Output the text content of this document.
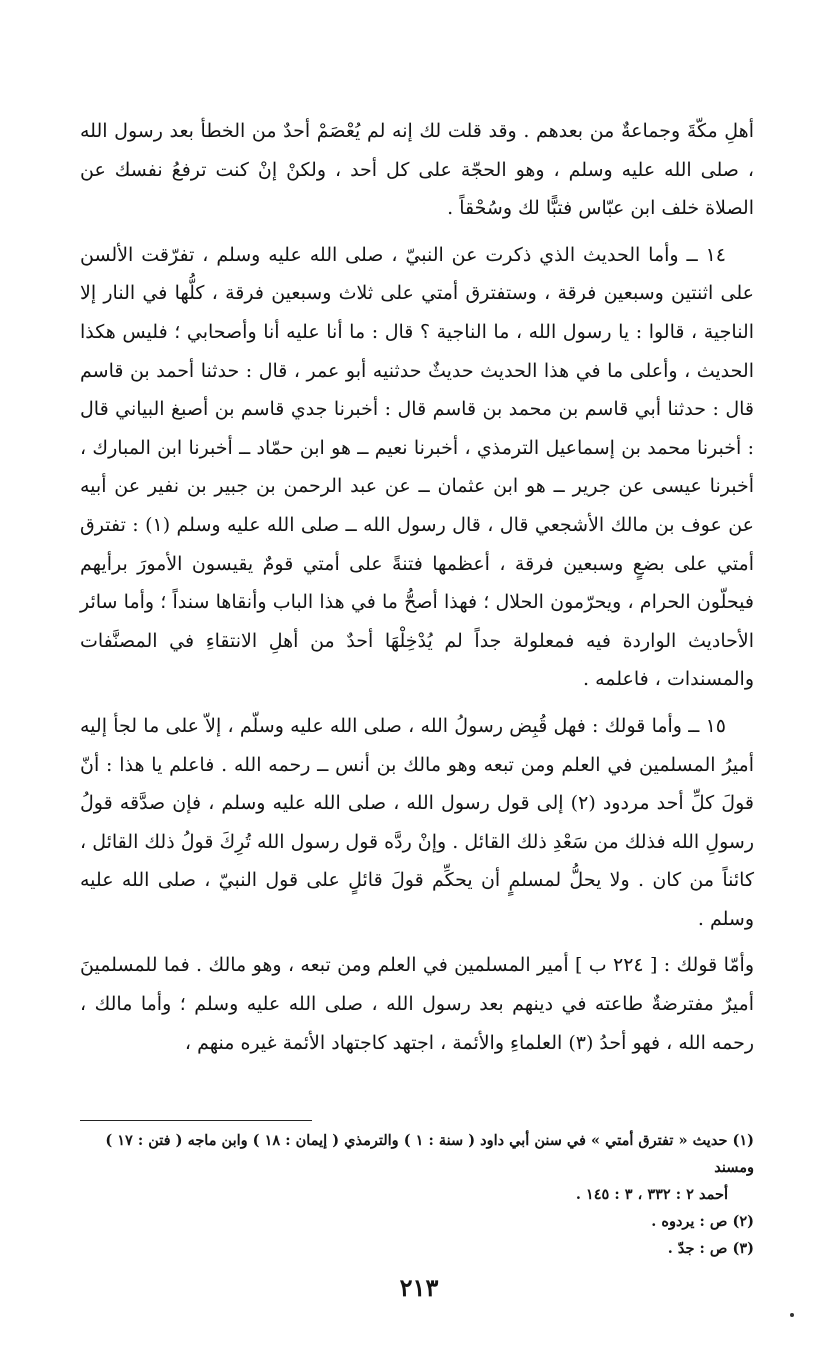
أهلِ مكّةَ وجماعةٌ من بعدهم . وقد قلت لك إنه لم يُعْصَمْ أحدٌ من الخطأ بعد رسول الله ، صلى الله عليه وسلم ، وهو الحجّة على كل أحد ، ولكنْ إنْ كنت ترفعُ نفسك عن الصلاة خلف ابن عبّاس فتبًّا لك وسُحْقاً .

١٤ ــ وأما الحديث الذي ذكرت عن النبيّ ، صلى الله عليه وسلم ، تفرّقت الألسن على اثنتين وسبعين فرقة ، وستفترق أمتي على ثلاث وسبعين فرقة ، كلُّها في النار إلا الناجية ، قالوا : يا رسول الله ، ما الناجية ؟ قال : ما أنا عليه أنا وأصحابي ؛ فليس هكذا الحديث ، وأعلى ما في هذا الحديث حديثٌ حدثنيه أبو عمر ، قال : حدثنا أحمد بن قاسم قال : حدثنا أبي قاسم بن محمد بن قاسم قال : أخبرنا جدي قاسم بن أصبغ البياني قال : أخبرنا محمد بن إسماعيل الترمذي ، أخبرنا نعيم ــ هو ابن حمّاد ــ أخبرنا ابن المبارك ، أخبرنا عيسى عن جرير ــ هو ابن عثمان ــ عن عبد الرحمن بن جبير بن نفير عن أبيه عن عوف بن مالك الأشجعي قال ، قال رسول الله ــ صلى الله عليه وسلم (١) : تفترق أمتي على بضعٍ وسبعين فرقة ، أعظمها فتنةً على أمتي قومٌ يقيسون الأمورَ برأيهم فيحلّون الحرام ، ويحرّمون الحلال ؛ فهذا أصحُّ ما في هذا الباب وأنقاها سنداً ؛ وأما سائر الأحاديث الواردة فيه فمعلولة جداً لم يُدْخِلْهَا أحدٌ من أهلِ الانتقاءِ في المصنَّفات والمسندات ، فاعلمه .

١٥ ــ وأما قولك : فهل قُبِض رسولُ الله ، صلى الله عليه وسلّم ، إلاّ على ما لجأ إليه أميرُ المسلمين في العلم ومن تبعه وهو مالك بن أنس ــ رحمه الله . فاعلم يا هذا : أنّ قولَ كلِّ أحد مردود (٢) إلى قول رسول الله ، صلى الله عليه وسلم ، فإن صدَّقه قولُ رسولِ الله فذلك من سَعْدِ ذلك القائل . وإنْ ردَّه قول رسول الله تُرِكَ قولُ ذلك القائل ، كائناً من كان . ولا يحلُّ لمسلمٍ أن يحكِّم قولَ قائلٍ على قول النبيّ ، صلى الله عليه وسلم .

وأمّا قولك : [ ٢٢٤ ب ] أمير المسلمين في العلم ومن تبعه ، وهو مالك . فما للمسلمينَ أميرٌ مفترضةٌ طاعته في دينهم بعد رسول الله ، صلى الله عليه وسلم ؛ وأما مالك ، رحمه الله ، فهو أحدُ (٣) العلماءِ والأئمة ، اجتهد كاجتهاد الأئمة غيره منهم ،

(١) حديث « تفترق أمتي » في سنن أبي داود ( سنة : ١ ) والترمذي ( إيمان : ١٨ ) وابن ماجه ( فتن : ١٧ ) ومسند

أحمد ٢ : ٣٣٢ ، ٣ : ١٤٥ .

(٢) ص : يردوه .

(٣) ص : جدّ .

٢١٣
